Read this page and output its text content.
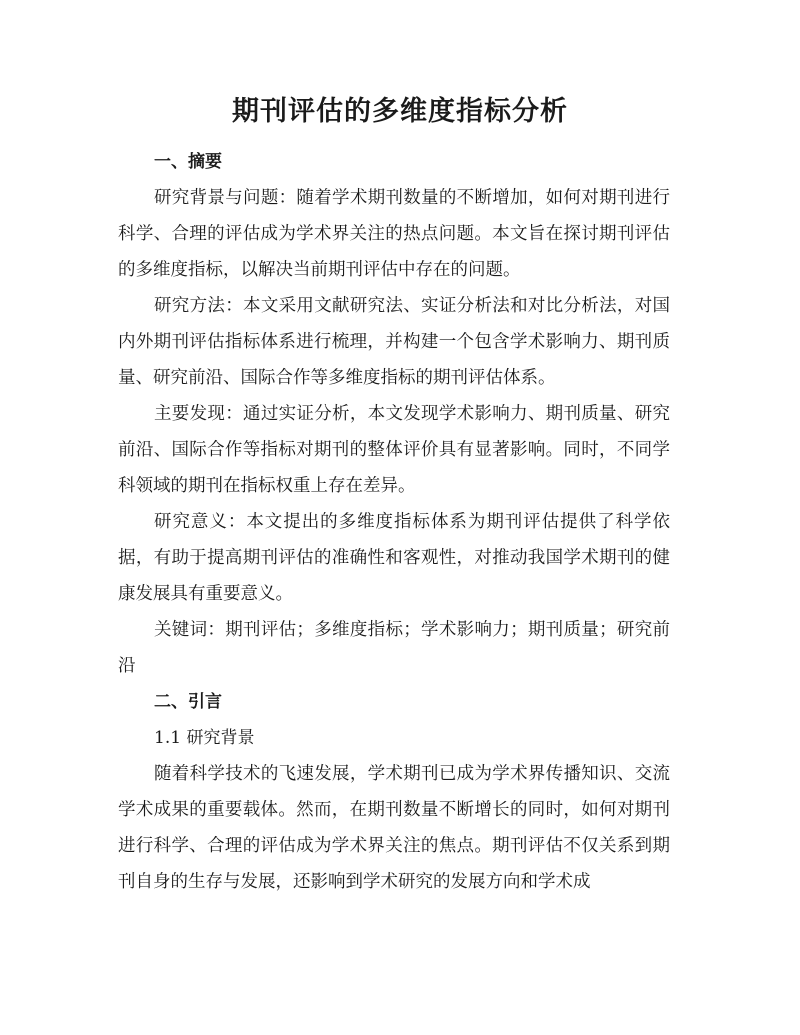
期刊评估的多维度指标分析
一、摘要

研究背景与问题：随着学术期刊数量的不断增加，如何对期刊进行科学、合理的评估成为学术界关注的热点问题。本文旨在探讨期刊评估的多维度指标，以解决当前期刊评估中存在的问题。

研究方法：本文采用文献研究法、实证分析法和对比分析法，对国内外期刊评估指标体系进行梳理，并构建一个包含学术影响力、期刊质量、研究前沿、国际合作等多维度指标的期刊评估体系。

主要发现：通过实证分析，本文发现学术影响力、期刊质量、研究前沿、国际合作等指标对期刊的整体评价具有显著影响。同时，不同学科领域的期刊在指标权重上存在差异。

研究意义：本文提出的多维度指标体系为期刊评估提供了科学依据，有助于提高期刊评估的准确性和客观性，对推动我国学术期刊的健康发展具有重要意义。

关键词：期刊评估；多维度指标；学术影响力；期刊质量；研究前沿

二、引言
1.1 研究背景

随着科学技术的飞速发展，学术期刊已成为学术界传播知识、交流学术成果的重要载体。然而，在期刊数量不断增长的同时，如何对期刊进行科学、合理的评估成为学术界关注的焦点。期刊评估不仅关系到期刊自身的生存与发展，还影响到学术研究的发展方向和学术成
